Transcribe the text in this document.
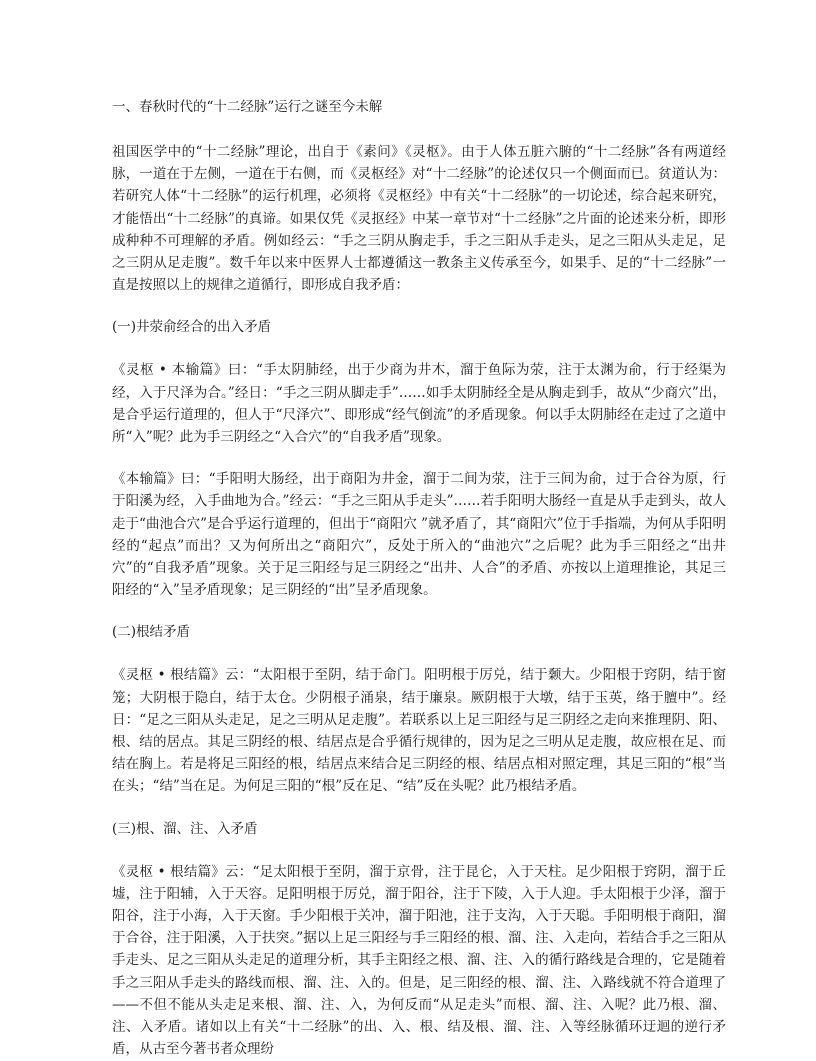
一、春秋时代的“十二经脉”运行之谜至今未解

祖国医学中的“十二经脉”理论，出自于《素问》《灵枢》。由于人体五脏六腑的“十二经脉”各有两道经脉，一道在于左侧，一道在于右侧，而《灵枢经》对“十二经脉”的论述仅只一个侧面而已。贫道认为：若研究人体“十二经脉”的运行机理，必须将《灵枢经》中有关“十二经脉”的一切论述，综合起来研究，才能悟出“十二经脉”的真谛。如果仅凭《灵抠经》中某一章节对“十二经脉”之片面的论述来分析，即形成种种不可理解的矛盾。例如经云：“手之三阴从胸走手，手之三阳从手走头，足之三阳从头走足，足之三阴从足走腹”。数千年以来中医界人士都遵循这一教条主义传承至今，如果手、足的“十二经脉”一直是按照以上的规律之道循行，即形成自我矛盾：

(一)井荥俞经合的出入矛盾

《灵枢 • 本输篇》曰：“手太阴肺经，出于少商为井木，溜于鱼际为荥，注于太渊为俞，行于经渠为经，入于尺泽为合。”经日：“手之三阴从脚走手”……如手太阴肺经全是从胸走到手，故从“少商穴”出，是合乎运行道理的，但人于“尺泽穴”、即形成“经气倒流”的矛盾现象。何以手太阴肺经在走过了之道中所“入”呢？此为手三阴经之“入合穴”的“自我矛盾”现象。

《本输篇》曰：“手阳明大肠经，出于商阳为井金，溜于二间为荥，注于三间为俞，过于合谷为原，行于阳溪为经，入手曲地为合。”经云：“手之三阳从手走头”……若手阳明大肠经一直是从手走到头，故人走于“曲池合穴”是合乎运行道理的，但出于“商阳穴 ”就矛盾了，其“商阳穴”位于手指端，为何从手阳明经的“起点”而出？又为何所出之“商阳穴”，反处于所入的“曲池穴”之后呢？此为手三阳经之“出井穴”的“自我矛盾”现象。关于足三阳经与足三阴经之“出井、人合”的矛盾、亦按以上道理推论，其足三阳经的“入”呈矛盾现象；足三阴经的“出”呈矛盾现象。

(二)根结矛盾

《灵枢 • 根结篇》云：“太阳根于至阴，结于命门。阳明根于厉兑，结于颡大。少阳根于窍阴，结于窗笼；大阴根于隐白，结于太仓。少阴根子涌泉，结于廉泉。厥阴根于大墩，结于玉英，络于膻中”。经日：“足之三阳从头走足，足之三明从足走腹”。若联系以上足三阳经与足三阴经之走向来推理阴、阳、根、结的居点。其足三阴经的根、结居点是合乎循行规律的，因为足之三明从足走腹，故应根在足、而结在胸上。若是将足三阳经的根，结居点来结合足三阴经的根、结居点相对照定理，其足三阳的“根”当在头；“结”当在足。为何足三阳的“根”反在足、“结”反在头呢？此乃根结矛盾。

(三)根、溜、注、入矛盾

《灵枢 • 根结篇》云：“足太阳根于至阴，溜于京骨，注于昆仑，入于天柱。足少阳根于窍阴，溜于丘墟，注于阳辅，入于天容。足阳明根于厉兑，溜于阳谷，注于下陵，入于人迎。手太阳根于少泽，溜于阳谷，注于小海，入于天窗。手少阳根于关冲，溜于阳池，注于支沟，入于天聪。手阳明根于商阳，溜于合谷，注于阳溪，入于扶突。”据以上足三阳经与手三阳经的根、溜、注、入走向，若结合手之三阳从手走头、足之三阳从头走足的道理分析，其手主阳经之根、溜、注、入的循行路线是合理的，它是随着手之三阳从手走头的路线而根、溜、注、入的。但是，足三阳经的根、溜、注、入路线就不符合道理了——不但不能从头走足来根、溜、注、入，为何反而“从足走头”而根、溜、注、入呢？此乃根、溜、注、入矛盾。诸如以上有关“十二经脉”的出、入、根、结及根、溜、注、入等经脉循环迂迴的逆行矛盾，从古至今著书者众理纷
